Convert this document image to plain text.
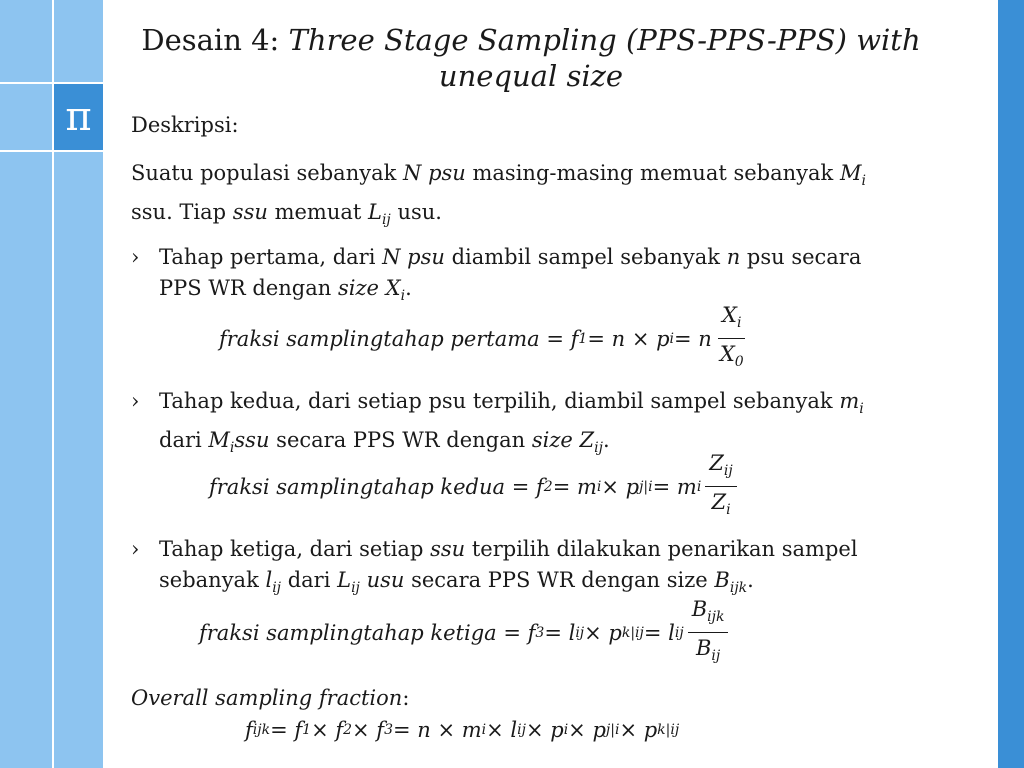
π
Desain 4: Three Stage Sampling (PPS-PPS-PPS) with unequal size
Deskripsi:
Suatu populasi sebanyak N psu masing-masing memuat sebanyak $M_i$
ssu. Tiap ssu memuat $L_{ij}$ usu.
› Tahap pertama, dari N psu diambil sampel sebanyak n psu secara
PPS WR dengan size $X_i$.
fraksi samplingtahap pertama = f 1 = n × p i = n $\frac{X_i}{X_0}$
› Tahap kedua, dari setiap psu terpilih, diambil sampel sebanyak $m_i$
dari $M_issu$ secara PPS WR dengan size $Z_{ij}$.
fraksi samplingtahap kedua = f 2 = m i × p j|i = m i $\frac{Z_{ij}}{Z_i}$
› Tahap ketiga, dari setiap ssu terpilih dilakukan penarikan sampel
sebanyak $l_{ij}$ dari $L_{ij}$ usu secara PPS WR dengan size $B_{ijk}$.
fraksi samplingtahap ketiga = f 3 = l ij × p k|ij = l ij $\frac{B_{ijk}}{B_{ij}}$
Overall sampling fraction:
f ijk = f 1 × f 2 × f 3 = n × m i × l ij × p i × p j|i × p k|ij
